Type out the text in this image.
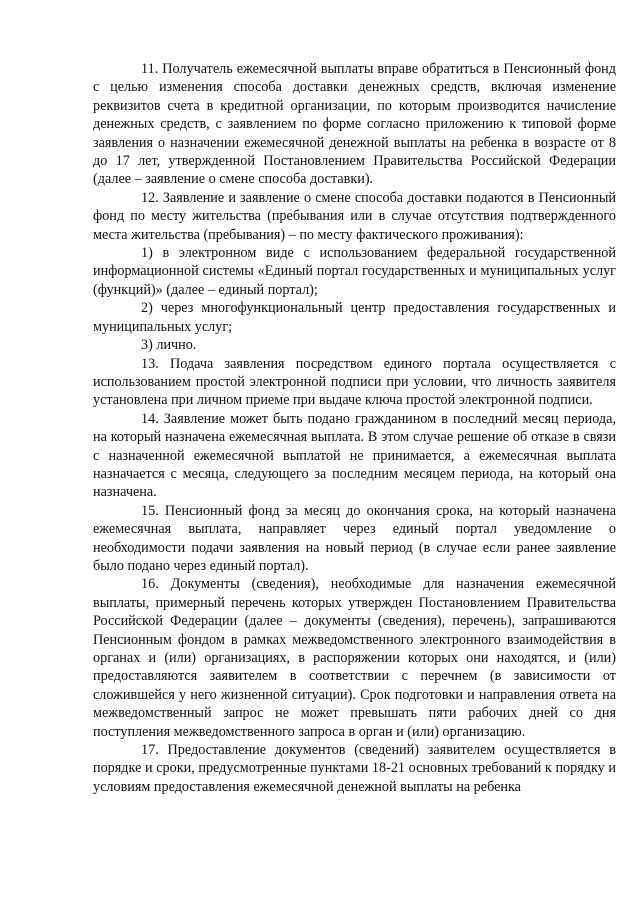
11. Получатель ежемесячной выплаты вправе обратиться в Пенсионный фонд с целью изменения способа доставки денежных средств, включая изменение реквизитов счета в кредитной организации, по которым производится начисление денежных средств, с заявлением по форме согласно приложению к типовой форме заявления о назначении ежемесячной денежной выплаты на ребенка в возрасте от 8 до 17 лет, утвержденной Постановлением Правительства Российской Федерации (далее – заявление о смене способа доставки).

12. Заявление и заявление о смене способа доставки подаются в Пенсионный фонд по месту жительства (пребывания или в случае отсутствия подтвержденного места жительства (пребывания) – по месту фактического проживания):

1) в электронном виде с использованием федеральной государственной информационной системы «Единый портал государственных и муниципальных услуг (функций)» (далее – единый портал);

2) через многофункциональный центр предоставления государственных и муниципальных услуг;

3) лично.

13. Подача заявления посредством единого портала осуществляется с использованием простой электронной подписи при условии, что личность заявителя установлена при личном приеме при выдаче ключа простой электронной подписи.

14. Заявление может быть подано гражданином в последний месяц периода, на который назначена ежемесячная выплата. В этом случае решение об отказе в связи с назначенной ежемесячной выплатой не принимается, а ежемесячная выплата назначается с месяца, следующего за последним месяцем периода, на который она назначена.

15. Пенсионный фонд за месяц до окончания срока, на который назначена ежемесячная выплата, направляет через единый портал уведомление о необходимости подачи заявления на новый период (в случае если ранее заявление было подано через единый портал).

16. Документы (сведения), необходимые для назначения ежемесячной выплаты, примерный перечень которых утвержден Постановлением Правительства Российской Федерации (далее – документы (сведения), перечень), запрашиваются Пенсионным фондом в рамках межведомственного электронного взаимодействия в органах и (или) организациях, в распоряжении которых они находятся, и (или) предоставляются заявителем в соответствии с перечнем (в зависимости от сложившейся у него жизненной ситуации). Срок подготовки и направления ответа на межведомственный запрос не может превышать пяти рабочих дней со дня поступления межведомственного запроса в орган и (или) организацию.

17. Предоставление документов (сведений) заявителем осуществляется в порядке и сроки, предусмотренные пунктами 18-21 основных требований к порядку и условиям предоставления ежемесячной денежной выплаты на ребенка
